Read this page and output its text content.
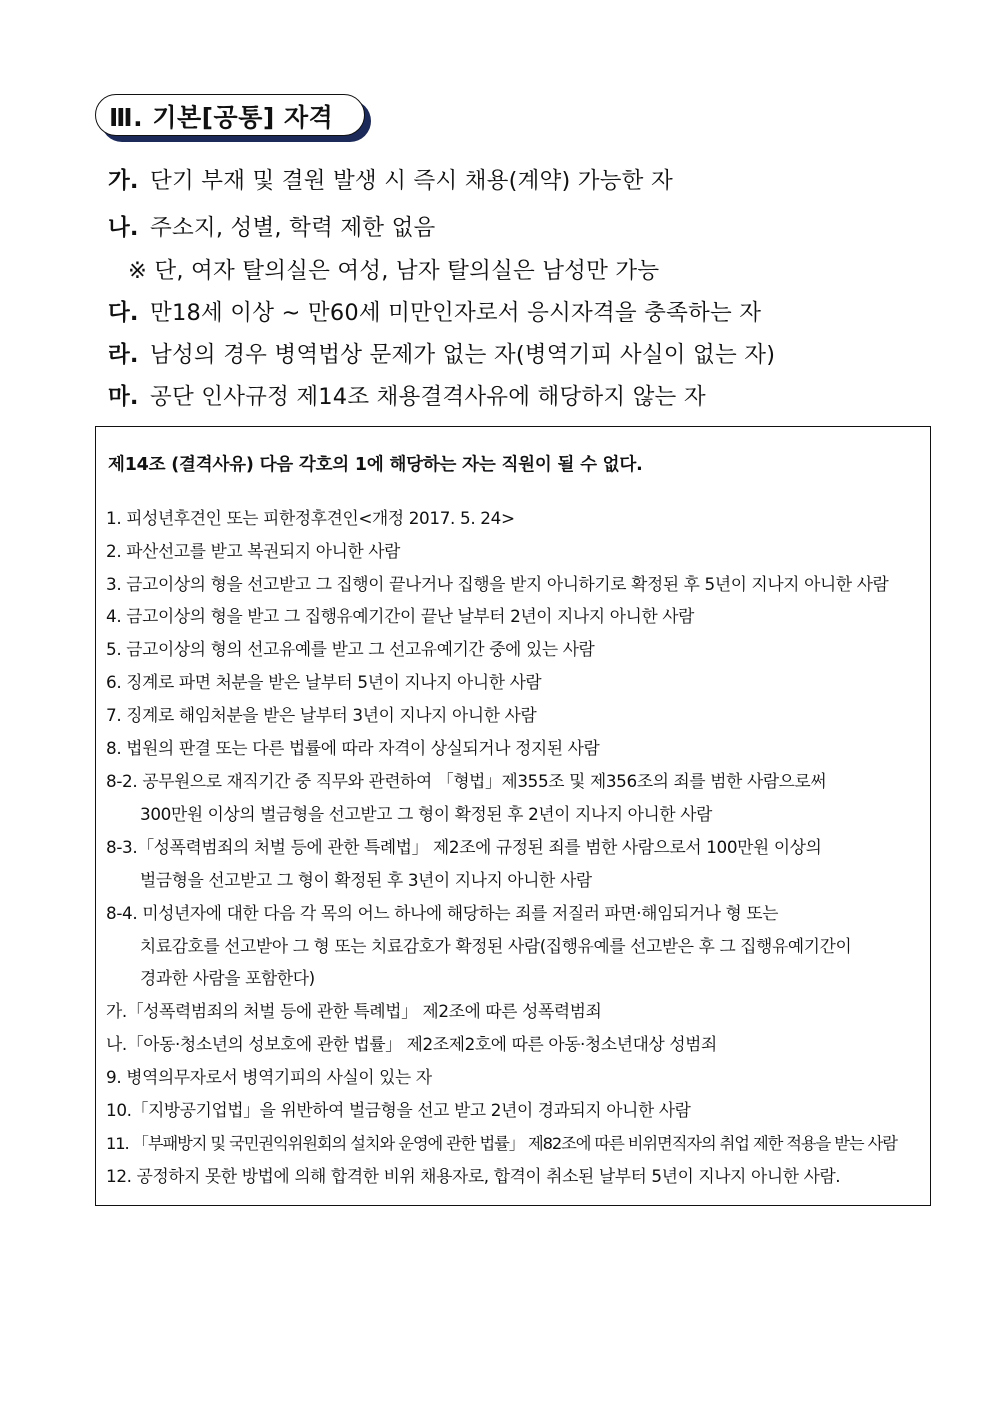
Ⅲ. 기본[공통] 자격
가. 단기 부재 및 결원 발생 시 즉시 채용(계약) 가능한 자
나. 주소지, 성별, 학력 제한 없음
※ 단, 여자 탈의실은 여성, 남자 탈의실은 남성만 가능
다. 만18세 이상 ~ 만60세 미만인자로서 응시자격을 충족하는 자
라. 남성의 경우 병역법상 문제가 없는 자(병역기피 사실이 없는 자)
마. 공단 인사규정 제14조 채용결격사유에 해당하지 않는 자
제14조 (결격사유) 다음 각호의 1에 해당하는 자는 직원이 될 수 없다.
1. 피성년후견인 또는 피한정후견인<개정 2017. 5. 24>
2. 파산선고를 받고 복권되지 아니한 사람
3. 금고이상의 형을 선고받고 그 집행이 끝나거나 집행을 받지 아니하기로 확정된 후 5년이 지나지 아니한 사람
4. 금고이상의 형을 받고 그 집행유예기간이 끝난 날부터 2년이 지나지 아니한 사람
5. 금고이상의 형의 선고유예를 받고 그 선고유예기간 중에 있는 사람
6. 징계로 파면 처분을 받은 날부터 5년이 지나지 아니한 사람
7. 징계로 해임처분을 받은 날부터 3년이 지나지 아니한 사람
8. 법원의 판결 또는 다른 법률에 따라 자격이 상실되거나 정지된 사람
8-2. 공무원으로 재직기간 중 직무와 관련하여 「형법」제355조 및 제356조의 죄를 범한 사람으로써
300만원 이상의 벌금형을 선고받고 그 형이 확정된 후 2년이 지나지 아니한 사람
8-3.「성폭력범죄의 처벌 등에 관한 특례법」 제2조에 규정된 죄를 범한 사람으로서 100만원 이상의
벌금형을 선고받고 그 형이 확정된 후 3년이 지나지 아니한 사람
8-4. 미성년자에 대한 다음 각 목의 어느 하나에 해당하는 죄를 저질러 파면·해임되거나 형 또는
치료감호를 선고받아 그 형 또는 치료감호가 확정된 사람(집행유예를 선고받은 후 그 집행유예기간이
경과한 사람을 포함한다)
가.「성폭력범죄의 처벌 등에 관한 특례법」 제2조에 따른 성폭력범죄
나.「아동·청소년의 성보호에 관한 법률」 제2조제2호에 따른 아동·청소년대상 성범죄
9. 병역의무자로서 병역기피의 사실이 있는 자
10.「지방공기업법」을 위반하여 벌금형을 선고 받고 2년이 경과되지 아니한 사람
11. 「부패방지 및 국민권익위원회의 설치와 운영에 관한 법률」 제82조에 따른 비위면직자의 취업 제한 적용을 받는 사람
12. 공정하지 못한 방법에 의해 합격한 비위 채용자로, 합격이 취소된 날부터 5년이 지나지 아니한 사람.
